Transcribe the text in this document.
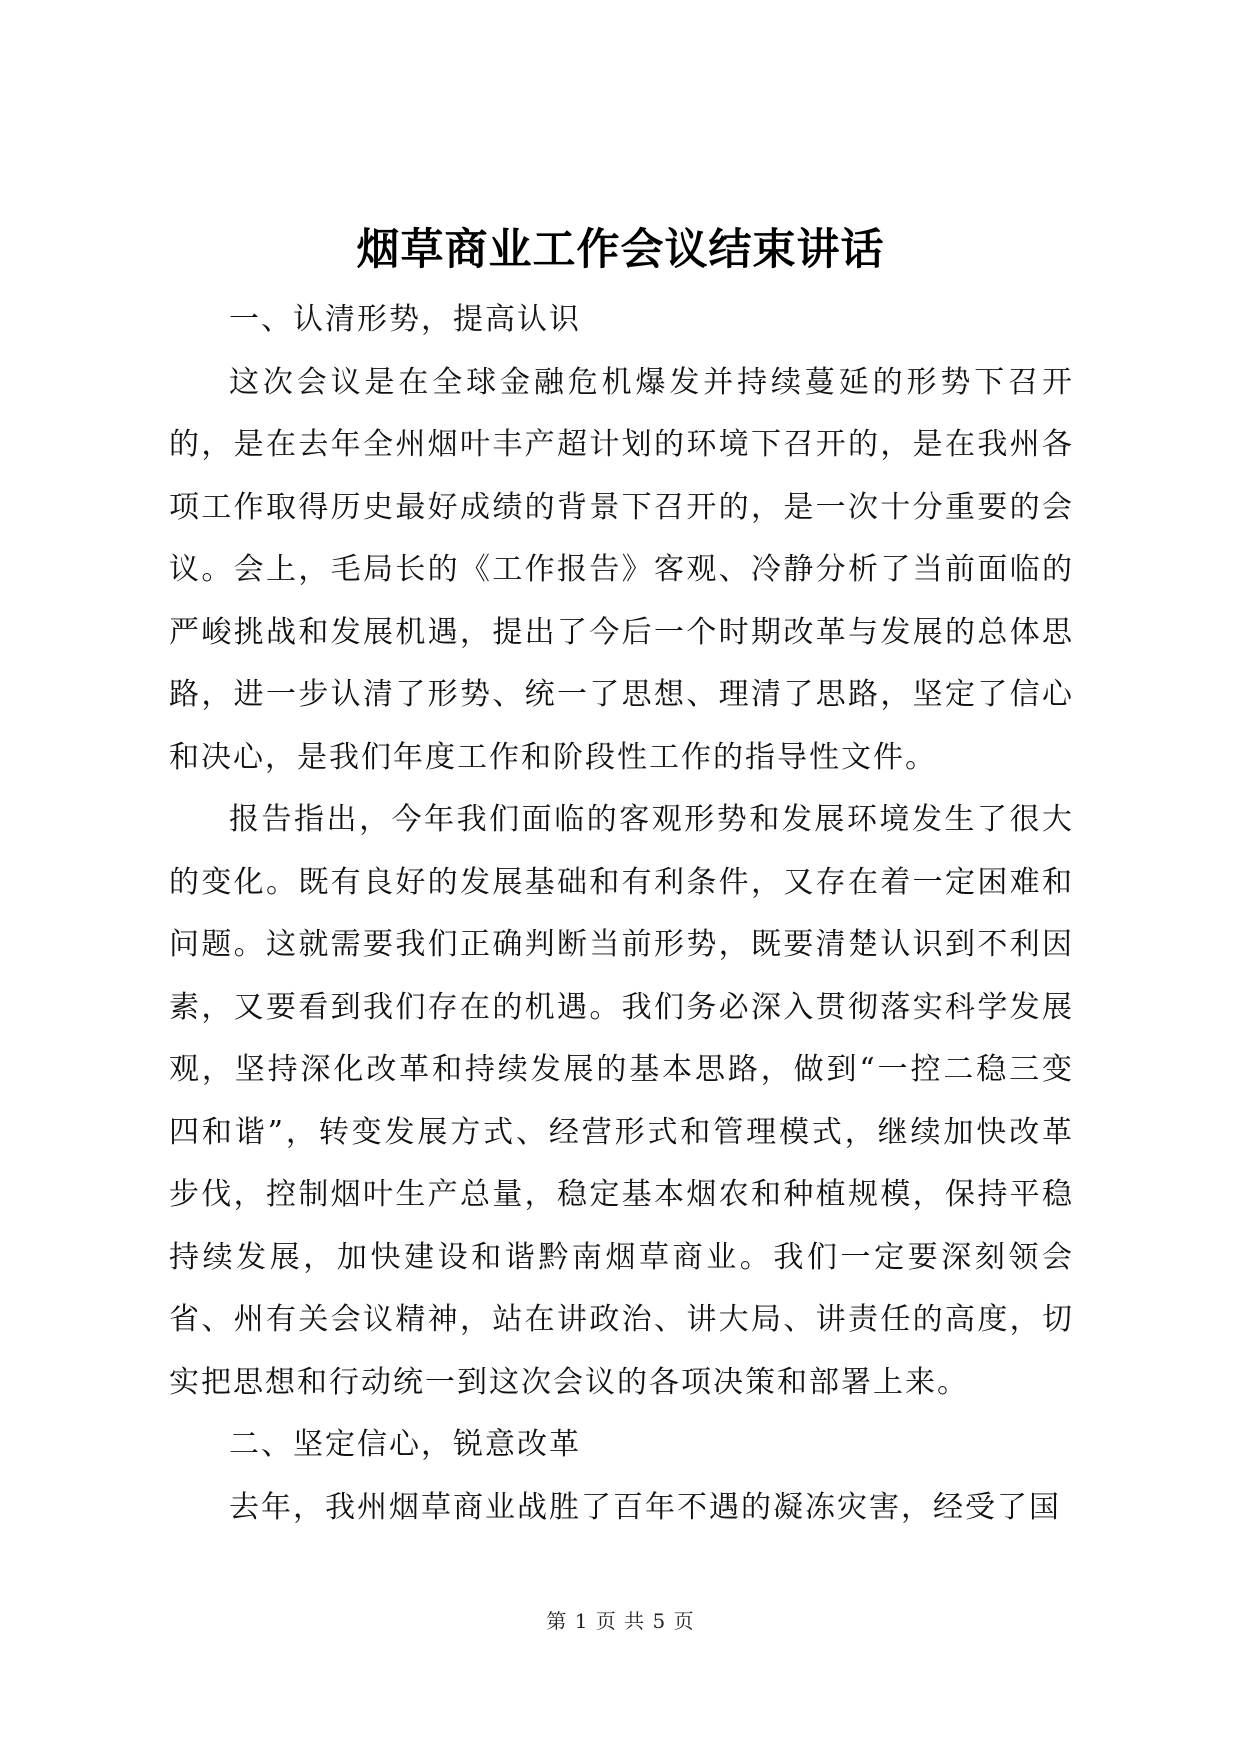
烟草商业工作会议结束讲话

一、认清形势，提高认识

这次会议是在全球金融危机爆发并持续蔓延的形势下召开的，是在去年全州烟叶丰产超计划的环境下召开的，是在我州各项工作取得历史最好成绩的背景下召开的，是一次十分重要的会议。会上，毛局长的《工作报告》客观、冷静分析了当前面临的严峻挑战和发展机遇，提出了今后一个时期改革与发展的总体思路，进一步认清了形势、统一了思想、理清了思路，坚定了信心和决心，是我们年度工作和阶段性工作的指导性文件。

报告指出，今年我们面临的客观形势和发展环境发生了很大的变化。既有良好的发展基础和有利条件，又存在着一定困难和问题。这就需要我们正确判断当前形势，既要清楚认识到不利因素，又要看到我们存在的机遇。我们务必深入贯彻落实科学发展观，坚持深化改革和持续发展的基本思路，做到“一控二稳三变四和谐”，转变发展方式、经营形式和管理模式，继续加快改革步伐，控制烟叶生产总量，稳定基本烟农和种植规模，保持平稳持续发展，加快建设和谐黔南烟草商业。我们一定要深刻领会省、州有关会议精神，站在讲政治、讲大局、讲责任的高度，切实把思想和行动统一到这次会议的各项决策和部署上来。

二、坚定信心，锐意改革

去年，我州烟草商业战胜了百年不遇的凝冻灾害，经受了国

第 1 页 共 5 页
